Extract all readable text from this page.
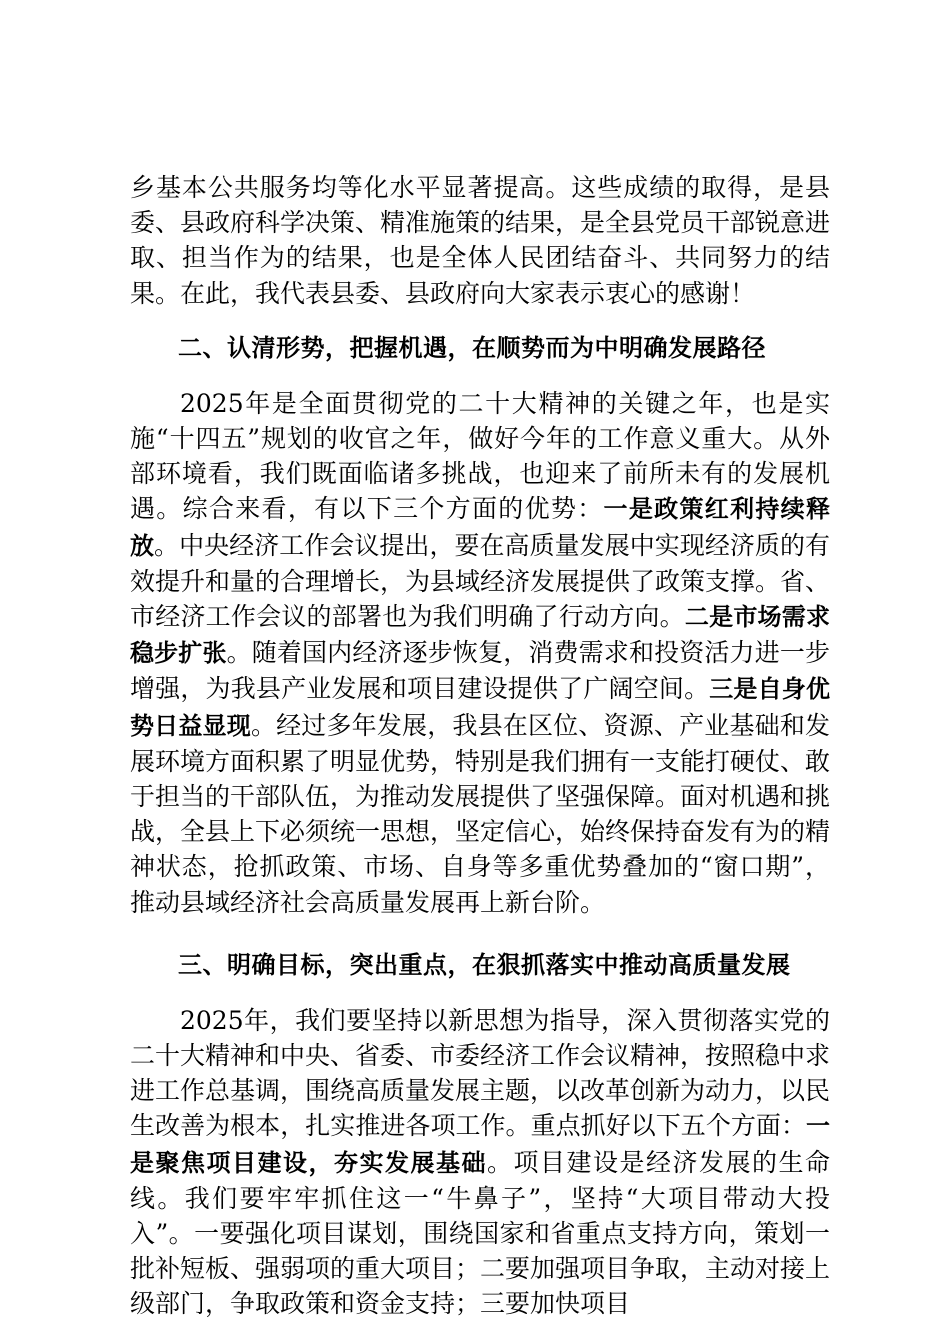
乡基本公共服务均等化水平显著提高。这些成绩的取得，是县委、县政府科学决策、精准施策的结果，是全县党员干部锐意进取、担当作为的结果，也是全体人民团结奋斗、共同努力的结果。在此，我代表县委、县政府向大家表示衷心的感谢！

二、认清形势，把握机遇，在顺势而为中明确发展路径

2025年是全面贯彻党的二十大精神的关键之年，也是实施“十四五”规划的收官之年，做好今年的工作意义重大。从外部环境看，我们既面临诸多挑战，也迎来了前所未有的发展机遇。综合来看，有以下三个方面的优势：一是政策红利持续释放。中央经济工作会议提出，要在高质量发展中实现经济质的有效提升和量的合理增长，为县域经济发展提供了政策支撑。省、市经济工作会议的部署也为我们明确了行动方向。二是市场需求稳步扩张。随着国内经济逐步恢复，消费需求和投资活力进一步增强，为我县产业发展和项目建设提供了广阔空间。三是自身优势日益显现。经过多年发展，我县在区位、资源、产业基础和发展环境方面积累了明显优势，特别是我们拥有一支能打硬仗、敢于担当的干部队伍，为推动发展提供了坚强保障。面对机遇和挑战，全县上下必须统一思想，坚定信心，始终保持奋发有为的精神状态，抢抓政策、市场、自身等多重优势叠加的“窗口期”，推动县域经济社会高质量发展再上新台阶。

三、明确目标，突出重点，在狠抓落实中推动高质量发展

2025年，我们要坚持以新思想为指导，深入贯彻落实党的二十大精神和中央、省委、市委经济工作会议精神，按照稳中求进工作总基调，围绕高质量发展主题，以改革创新为动力，以民生改善为根本，扎实推进各项工作。重点抓好以下五个方面：一是聚焦项目建设，夯实发展基础。项目建设是经济发展的生命线。我们要牢牢抓住这一“牛鼻子”，坚持“大项目带动大投入”。一要强化项目谋划，围绕国家和省重点支持方向，策划一批补短板、强弱项的重大项目；二要加强项目争取，主动对接上级部门，争取政策和资金支持；三要加快项目
